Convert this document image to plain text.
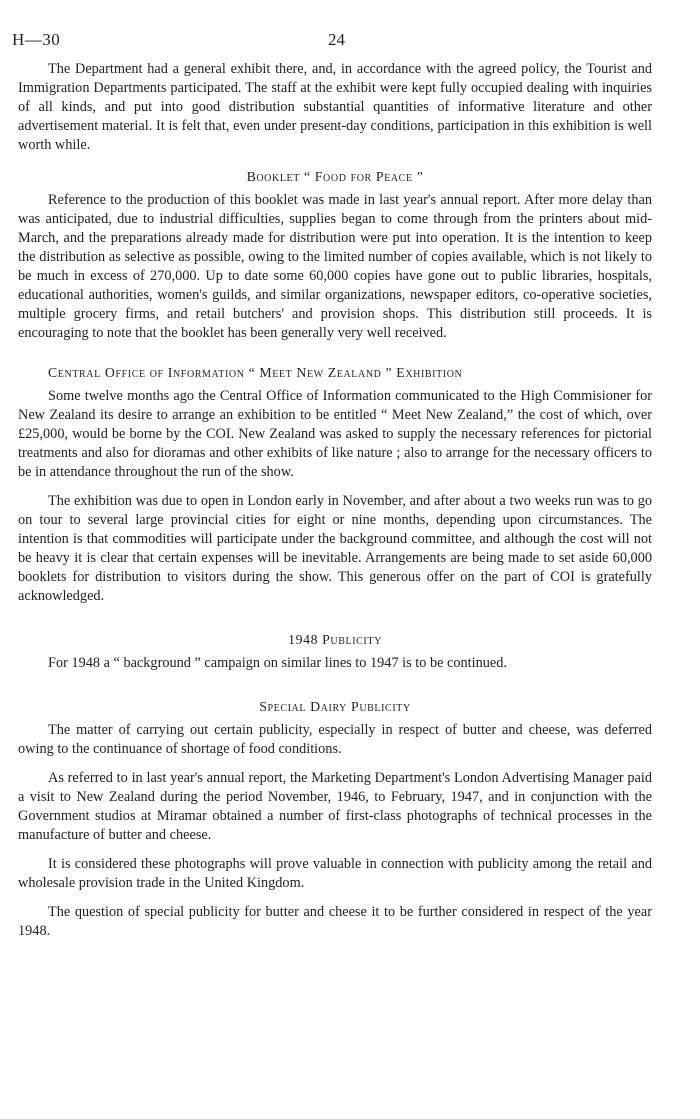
H—30	24

The Department had a general exhibit there, and, in accordance with the agreed policy, the Tourist and Immigration Departments participated. The staff at the exhibit were kept fully occupied dealing with inquiries of all kinds, and put into good distribution substantial quantities of informative literature and other advertisement material. It is felt that, even under present-day conditions, participation in this exhibition is well worth while.

Booklet “ Food for Peace ”

Reference to the production of this booklet was made in last year's annual report. After more delay than was anticipated, due to industrial difficulties, supplies began to come through from the printers about mid-March, and the preparations already made for distribution were put into operation. It is the intention to keep the distribution as selective as possible, owing to the limited number of copies available, which is not likely to be much in excess of 270,000. Up to date some 60,000 copies have gone out to public libraries, hospitals, educational authorities, women's guilds, and similar organizations, newspaper editors, co-operative societies, multiple grocery firms, and retail butchers' and provision shops. This distribution still proceeds. It is encouraging to note that the booklet has been generally very well received.

Central Office of Information “ Meet New Zealand ” Exhibition

Some twelve months ago the Central Office of Information communicated to the High Commisioner for New Zealand its desire to arrange an exhibition to be entitled “ Meet New Zealand,” the cost of which, over £25,000, would be borne by the COI. New Zealand was asked to supply the necessary references for pictorial treatments and also for dioramas and other exhibits of like nature ; also to arrange for the necessary officers to be in attendance throughout the run of the show.

The exhibition was due to open in London early in November, and after about a two weeks run was to go on tour to several large provincial cities for eight or nine months, depending upon circumstances. The intention is that commodities will participate under the background committee, and although the cost will not be heavy it is clear that certain expenses will be inevitable. Arrangements are being made to set aside 60,000 booklets for distribution to visitors during the show. This generous offer on the part of COI is gratefully acknowledged.

1948 Publicity

For 1948 a “ background ” campaign on similar lines to 1947 is to be continued.

Special Dairy Publicity

The matter of carrying out certain publicity, especially in respect of butter and cheese, was deferred owing to the continuance of shortage of food conditions.

As referred to in last year's annual report, the Marketing Department's London Advertising Manager paid a visit to New Zealand during the period November, 1946, to February, 1947, and in conjunction with the Government studios at Miramar obtained a number of first-class photographs of technical processes in the manufacture of butter and cheese.

It is considered these photographs will prove valuable in connection with publicity among the retail and wholesale provision trade in the United Kingdom.

The question of special publicity for butter and cheese it to be further considered in respect of the year 1948.
